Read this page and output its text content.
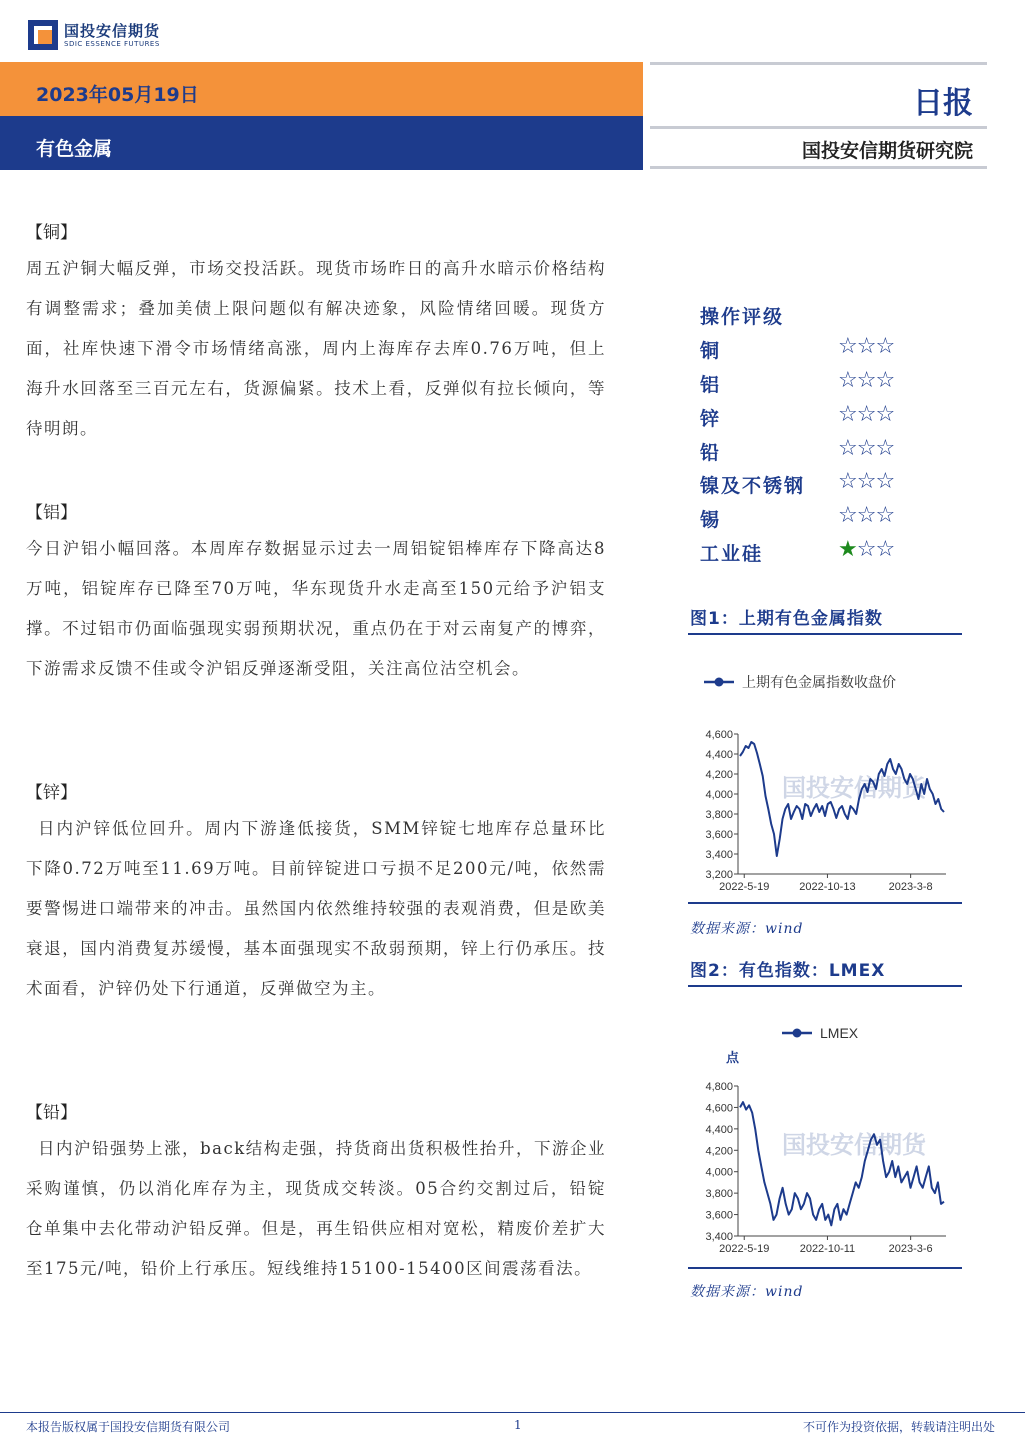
国投安信期货
SDIC ESSENCE FUTURES
2023年05月19日
有色金属
日报
国投安信期货研究院
【铜】
周五沪铜大幅反弹，市场交投活跃。现货市场昨日的高升水暗示价格结构有调整需求；叠加美债上限问题似有解决迹象，风险情绪回暖。现货方面，社库快速下滑令市场情绪高涨，周内上海库存去库0.76万吨，但上海升水回落至三百元左右，货源偏紧。技术上看，反弹似有拉长倾向，等待明朗。
【铝】
今日沪铝小幅回落。本周库存数据显示过去一周铝锭铝棒库存下降高达8万吨，铝锭库存已降至70万吨，华东现货升水走高至150元给予沪铝支撑。不过铝市仍面临强现实弱预期状况，重点仍在于对云南复产的博弈，下游需求反馈不佳或令沪铝反弹逐渐受阻，关注高位沽空机会。
【锌】
日内沪锌低位回升。周内下游逢低接货，SMM锌锭七地库存总量环比下降0.72万吨至11.69万吨。目前锌锭进口亏损不足200元/吨，依然需要警惕进口端带来的冲击。虽然国内依然维持较强的表观消费，但是欧美衰退，国内消费复苏缓慢，基本面强现实不敌弱预期，锌上行仍承压。技术面看，沪锌仍处下行通道，反弹做空为主。
【铅】
日内沪铅强势上涨，back结构走强，持货商出货积极性抬升，下游企业采购谨慎，仍以消化库存为主，现货成交转淡。05合约交割过后，铅锭仓单集中去化带动沪铅反弹。但是，再生铅供应相对宽松，精废价差扩大至175元/吨，铅价上行承压。短线维持15100-15400区间震荡看法。
操作评级
铜	☆☆☆
铝	☆☆☆
锌	☆☆☆
铅	☆☆☆
镍及不锈钢 ☆☆☆
锡	☆☆☆
工业硅	★☆☆
图1：上期有色金属指数
上期有色金属指数收盘价
国投安信期货
3,200
3,400
3,600
3,800
4,000
4,200
4,400
4,600
2022-5-19	2022-10-13	2023-3-8
数据来源：wind
图2：有色指数：LMEX
LMEX
点
国投安信期货
3,400
3,600
3,800
4,000
4,200
4,400
4,600
4,800
2022-5-19	2022-10-11	2023-3-6
数据来源：wind
本报告版权属于国投安信期货有限公司	1	不可作为投资依据，转载请注明出处
